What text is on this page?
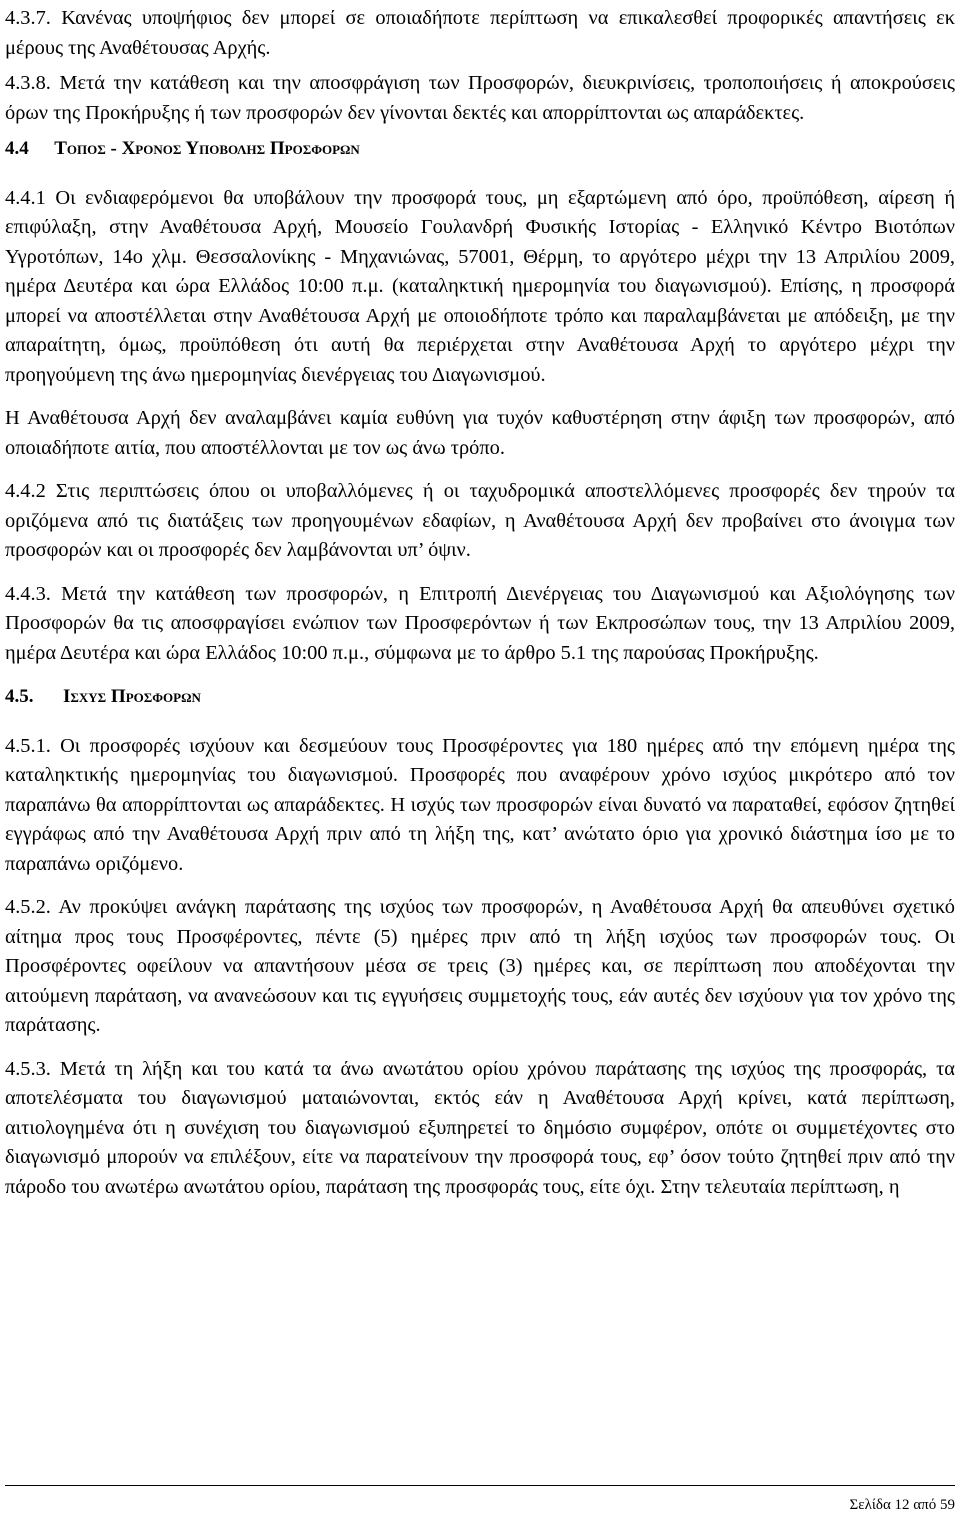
4.3.7. Κανένας υποψήφιος δεν μπορεί σε οποιαδήποτε περίπτωση να επικαλεσθεί προφορικές απαντήσεις εκ μέρους της Αναθέτουσας Αρχής.

4.3.8. Μετά την κατάθεση και την αποσφράγιση των Προσφορών, διευκρινίσεις, τροποποιήσεις ή αποκρούσεις όρων της Προκήρυξης ή των προσφορών δεν γίνονται δεκτές και απορρίπτονται ως απαράδεκτες.

4.4 Τοπος - Χρονος Υποβολης Προσφορων

4.4.1 Οι ενδιαφερόμενοι θα υποβάλουν την προσφορά τους, μη εξαρτώμενη από όρο, προϋπόθεση, αίρεση ή επιφύλαξη, στην Αναθέτουσα Αρχή, Μουσείο Γουλανδρή Φυσικής Ιστορίας - Ελληνικό Κέντρο Βιοτόπων Υγροτόπων, 14ο χλμ. Θεσσαλονίκης - Μηχανιώνας, 57001, Θέρμη, το αργότερο μέχρι την 13 Απριλίου 2009, ημέρα Δευτέρα και ώρα Ελλάδος 10:00 π.μ. (καταληκτική ημερομηνία του διαγωνισμού). Επίσης, η προσφορά μπορεί να αποστέλλεται στην Αναθέτουσα Αρχή με οποιοδήποτε τρόπο και παραλαμβάνεται με απόδειξη, με την απαραίτητη, όμως, προϋπόθεση ότι αυτή θα περιέρχεται στην Αναθέτουσα Αρχή το αργότερο μέχρι την προηγούμενη της άνω ημερομηνίας διενέργειας του Διαγωνισμού.

Η Αναθέτουσα Αρχή δεν αναλαμβάνει καμία ευθύνη για τυχόν καθυστέρηση στην άφιξη των προσφορών, από οποιαδήποτε αιτία, που αποστέλλονται με τον ως άνω τρόπο.

4.4.2 Στις περιπτώσεις όπου οι υποβαλλόμενες ή οι ταχυδρομικά αποστελλόμενες προσφορές δεν τηρούν τα οριζόμενα από τις διατάξεις των προηγουμένων εδαφίων, η Αναθέτουσα Αρχή δεν προβαίνει στο άνοιγμα των προσφορών και οι προσφορές δεν λαμβάνονται υπ’ όψιν.

4.4.3. Μετά την κατάθεση των προσφορών, η Επιτροπή Διενέργειας του Διαγωνισμού και Αξιολόγησης των Προσφορών θα τις αποσφραγίσει ενώπιον των Προσφερόντων ή των Εκπροσώπων τους, την 13 Απριλίου 2009, ημέρα Δευτέρα και ώρα Ελλάδος 10:00 π.μ., σύμφωνα με το άρθρο 5.1 της παρούσας Προκήρυξης.

4.5. Ισχυς Προσφορων

4.5.1. Οι προσφορές ισχύουν και δεσμεύουν τους Προσφέροντες για 180 ημέρες από την επόμενη ημέρα της καταληκτικής ημερομηνίας του διαγωνισμού. Προσφορές που αναφέρουν χρόνο ισχύος μικρότερο από τον παραπάνω θα απορρίπτονται ως απαράδεκτες. Η ισχύς των προσφορών είναι δυνατό να παραταθεί, εφόσον ζητηθεί εγγράφως από την Αναθέτουσα Αρχή πριν από τη λήξη της, κατ’ ανώτατο όριο για χρονικό διάστημα ίσο με το παραπάνω οριζόμενο.

4.5.2. Αν προκύψει ανάγκη παράτασης της ισχύος των προσφορών, η Αναθέτουσα Αρχή θα απευθύνει σχετικό αίτημα προς τους Προσφέροντες, πέντε (5) ημέρες πριν από τη λήξη ισχύος των προσφορών τους. Οι Προσφέροντες οφείλουν να απαντήσουν μέσα σε τρεις (3) ημέρες και, σε περίπτωση που αποδέχονται την αιτούμενη παράταση, να ανανεώσουν και τις εγγυήσεις συμμετοχής τους, εάν αυτές δεν ισχύουν για τον χρόνο της παράτασης.

4.5.3. Μετά τη λήξη και του κατά τα άνω ανωτάτου ορίου χρόνου παράτασης της ισχύος της προσφοράς, τα αποτελέσματα του διαγωνισμού ματαιώνονται, εκτός εάν η Αναθέτουσα Αρχή κρίνει, κατά περίπτωση, αιτιολογημένα ότι η συνέχιση του διαγωνισμού εξυπηρετεί το δημόσιο συμφέρον, οπότε οι συμμετέχοντες στο διαγωνισμό μπορούν να επιλέξουν, είτε να παρατείνουν την προσφορά τους, εφ’ όσον τούτο ζητηθεί πριν από την πάροδο του ανωτέρω ανωτάτου ορίου, παράταση της προσφοράς τους, είτε όχι. Στην τελευταία περίπτωση, η

Σελίδα 12 από 59
